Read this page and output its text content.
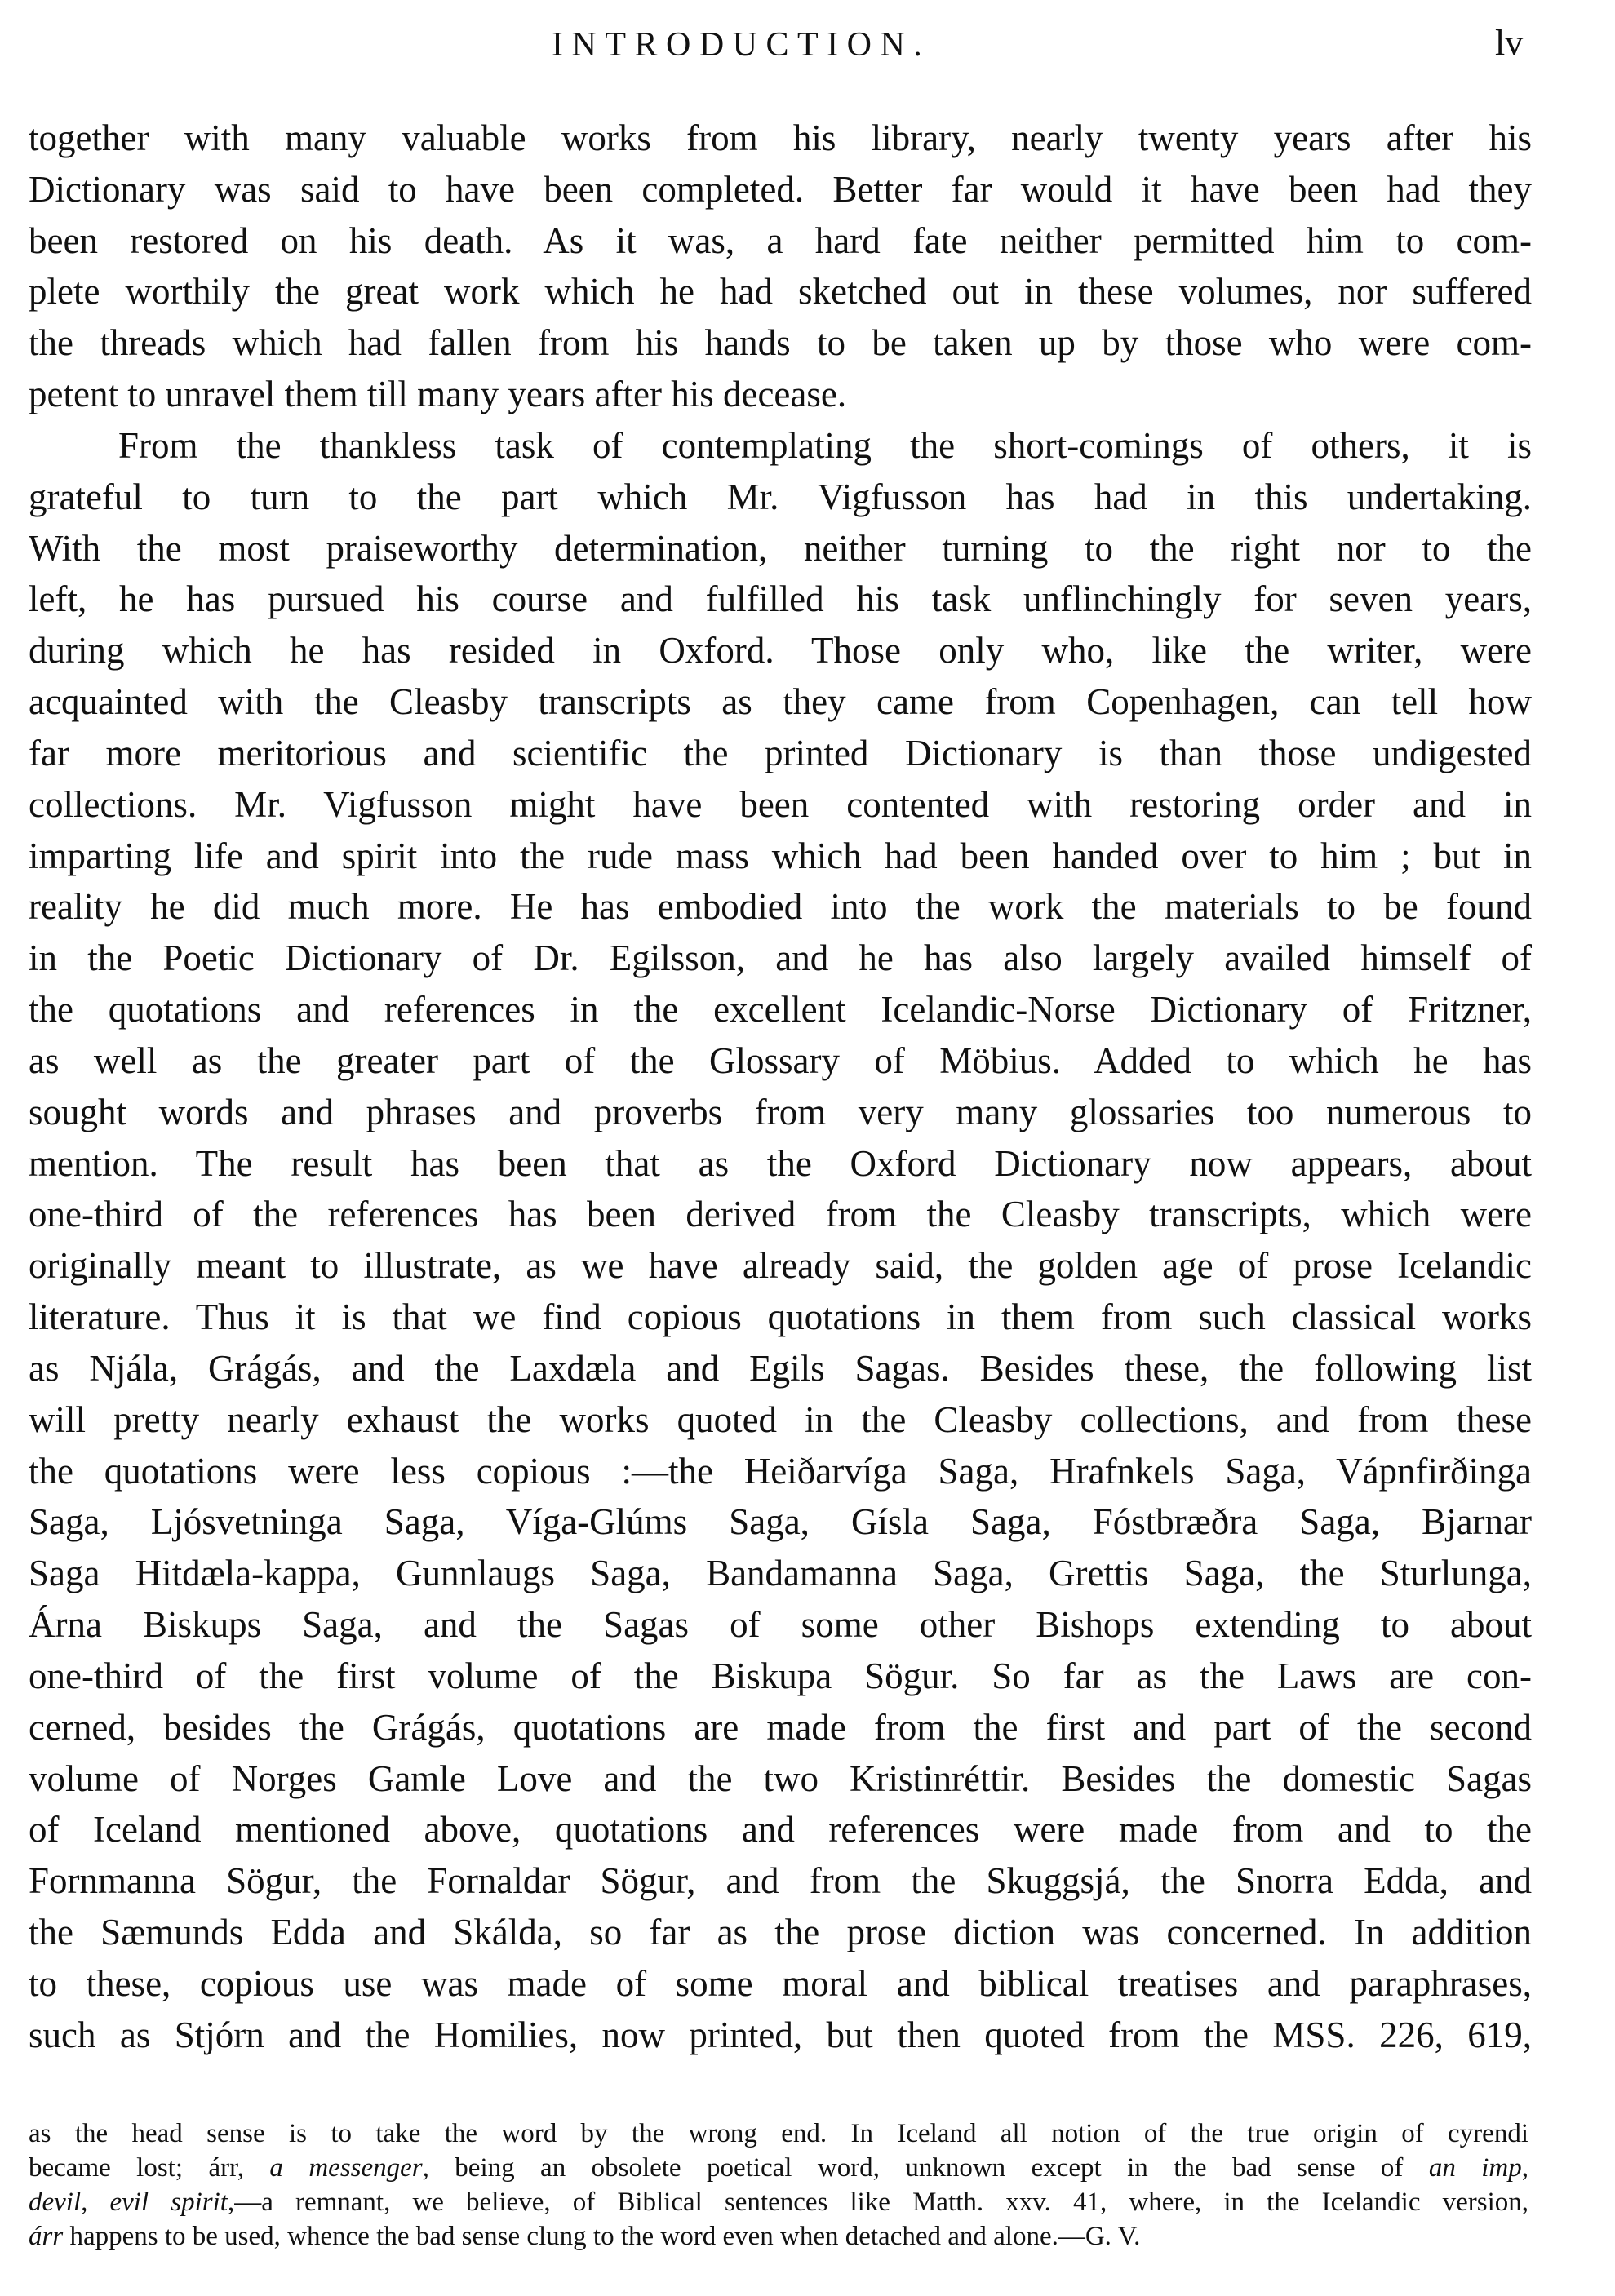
INTRODUCTION.	lv
together with many valuable works from his library, nearly twenty years after his
Dictionary was said to have been completed. Better far would it have been had they
been restored on his death. As it was, a hard fate neither permitted him to com-
plete worthily the great work which he had sketched out in these volumes, nor suffered
the threads which had fallen from his hands to be taken up by those who were com-
petent to unravel them till many years after his decease.
From the thankless task of contemplating the short-comings of others, it is
grateful to turn to the part which Mr. Vigfusson has had in this undertaking.
With the most praiseworthy determination, neither turning to the right nor to the
left, he has pursued his course and fulfilled his task unflinchingly for seven years,
during which he has resided in Oxford. Those only who, like the writer, were
acquainted with the Cleasby transcripts as they came from Copenhagen, can tell how
far more meritorious and scientific the printed Dictionary is than those undigested
collections. Mr. Vigfusson might have been contented with restoring order and in
imparting life and spirit into the rude mass which had been handed over to him ; but in
reality he did much more. He has embodied into the work the materials to be found
in the Poetic Dictionary of Dr. Egilsson, and he has also largely availed himself of
the quotations and references in the excellent Icelandic-Norse Dictionary of Fritzner,
as well as the greater part of the Glossary of Möbius. Added to which he has
sought words and phrases and proverbs from very many glossaries too numerous to
mention. The result has been that as the Oxford Dictionary now appears, about
one-third of the references has been derived from the Cleasby transcripts, which were
originally meant to illustrate, as we have already said, the golden age of prose Icelandic
literature. Thus it is that we find copious quotations in them from such classical works
as Njála, Grágás, and the Laxdæla and Egils Sagas. Besides these, the following list
will pretty nearly exhaust the works quoted in the Cleasby collections, and from these
the quotations were less copious :—the Heiðarvíga Saga, Hrafnkels Saga, Vápnfirðinga
Saga, Ljósvetninga Saga, Víga-Glúms Saga, Gísla Saga, Fóstbræðra Saga, Bjarnar
Saga Hitdæla-kappa, Gunnlaugs Saga, Bandamanna Saga, Grettis Saga, the Sturlunga,
Árna Biskups Saga, and the Sagas of some other Bishops extending to about
one-third of the first volume of the Biskupa Sögur. So far as the Laws are con-
cerned, besides the Grágás, quotations are made from the first and part of the second
volume of Norges Gamle Love and the two Kristinréttir. Besides the domestic Sagas
of Iceland mentioned above, quotations and references were made from and to the
Fornmanna Sögur, the Fornaldar Sögur, and from the Skuggsjá, the Snorra Edda, and
the Sæmunds Edda and Skálda, so far as the prose diction was concerned. In addition
to these, copious use was made of some moral and biblical treatises and paraphrases,
such as Stjórn and the Homilies, now printed, but then quoted from the MSS. 226, 619,
as the head sense is to take the word by the wrong end. In Iceland all notion of the true origin of cyrendi
became lost; árr, a messenger, being an obsolete poetical word, unknown except in the bad sense of an imp,
devil, evil spirit,—a remnant, we believe, of Biblical sentences like Matth. xxv. 41, where, in the Icelandic version,
árr happens to be used, whence the bad sense clung to the word even when detached and alone.—G. V.
